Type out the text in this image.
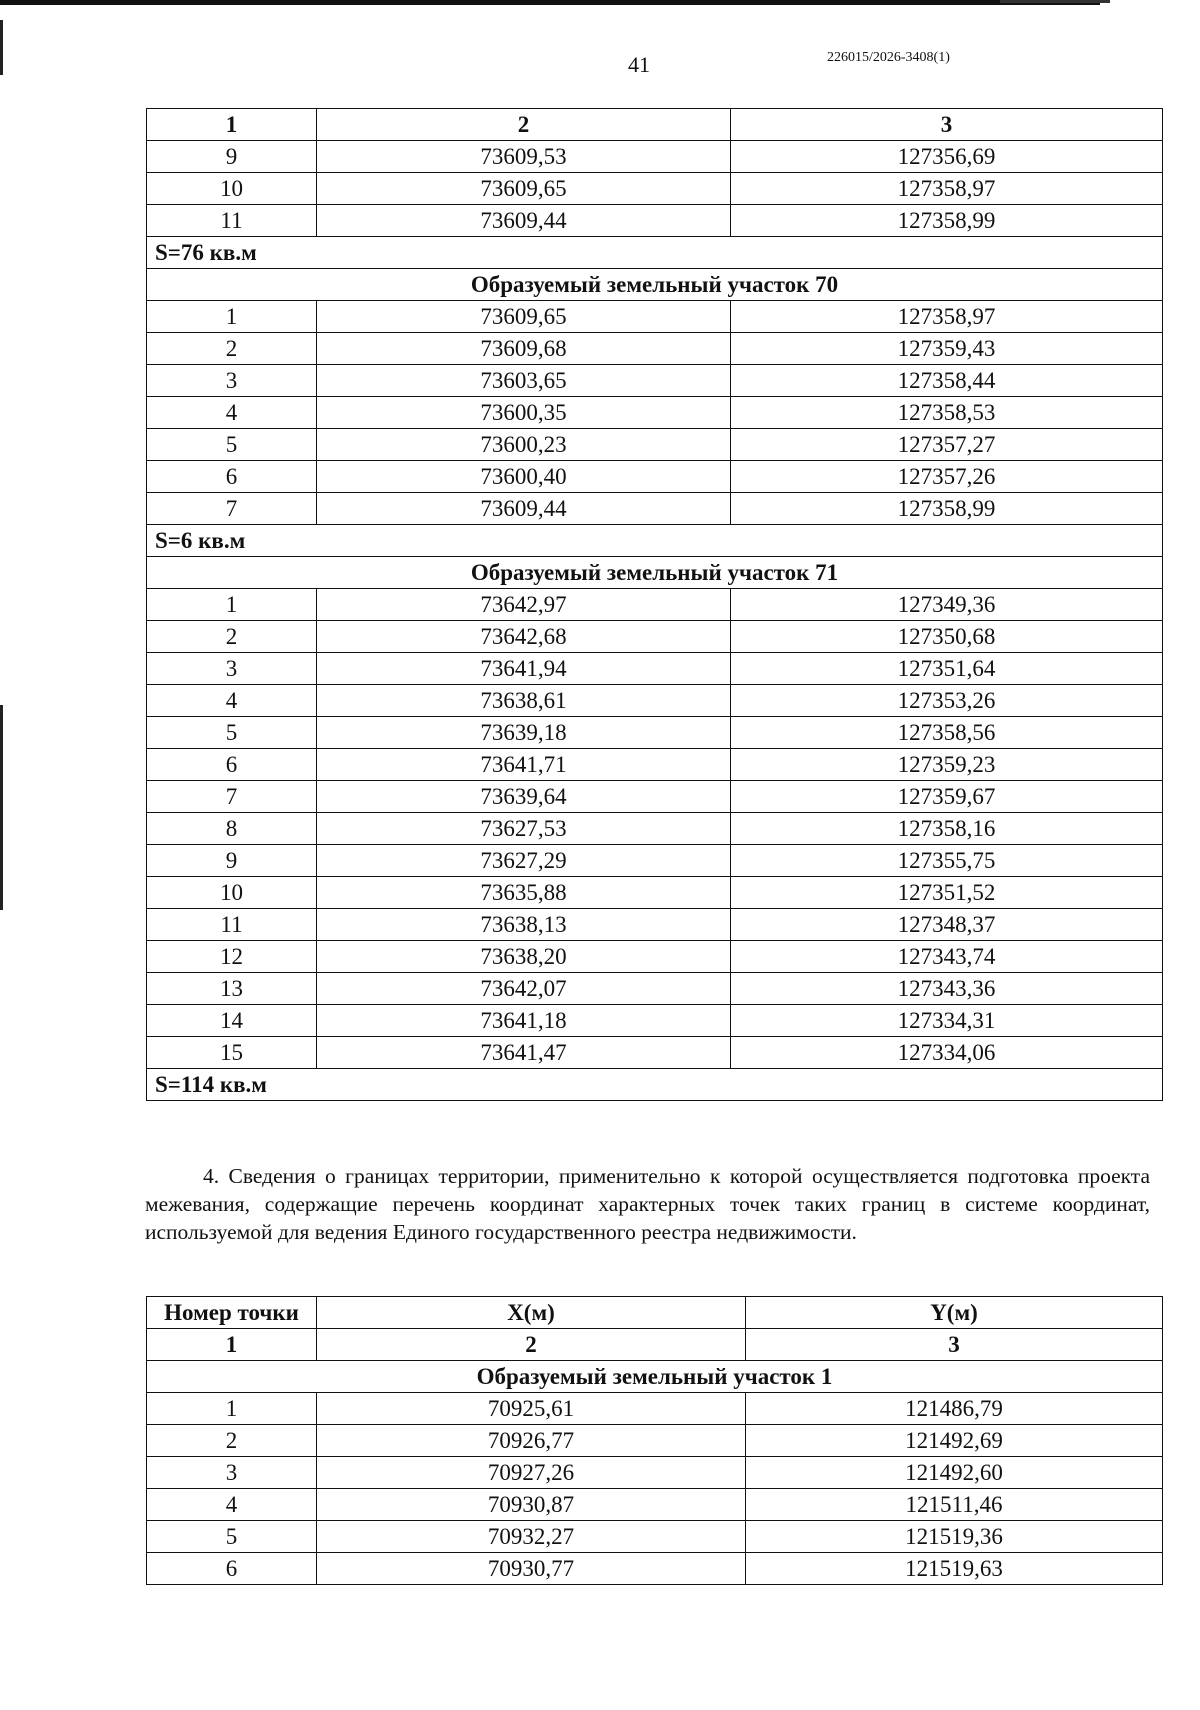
41	226015/2026-3408(1)
1	2	3
9	73609,53	127356,69
10	73609,65	127358,97
11	73609,44	127358,99
S=76 кв.м		
Образуемый земельный участок 70		
1	73609,65	127358,97
2	73609,68	127359,43
3	73603,65	127358,44
4	73600,35	127358,53
5	73600,23	127357,27
6	73600,40	127357,26
7	73609,44	127358,99
S=6 кв.м		
Образуемый земельный участок 71		
1	73642,97	127349,36
2	73642,68	127350,68
3	73641,94	127351,64
4	73638,61	127353,26
5	73639,18	127358,56
6	73641,71	127359,23
7	73639,64	127359,67
8	73627,53	127358,16
9	73627,29	127355,75
10	73635,88	127351,52
11	73638,13	127348,37
12	73638,20	127343,74
13	73642,07	127343,36
14	73641,18	127334,31
15	73641,47	127334,06
S=114 кв.м		
4. Сведения о границах территории, применительно к которой осуществляется подготовка проекта межевания, содержащие перечень координат характерных точек таких границ в системе координат, используемой для ведения Единого государственного реестра недвижимости.
Номер точки	X(м)	Y(м)
1	2	3
Образуемый земельный участок 1		
1	70925,61	121486,79
2	70926,77	121492,69
3	70927,26	121492,60
4	70930,87	121511,46
5	70932,27	121519,36
6	70930,77	121519,63
